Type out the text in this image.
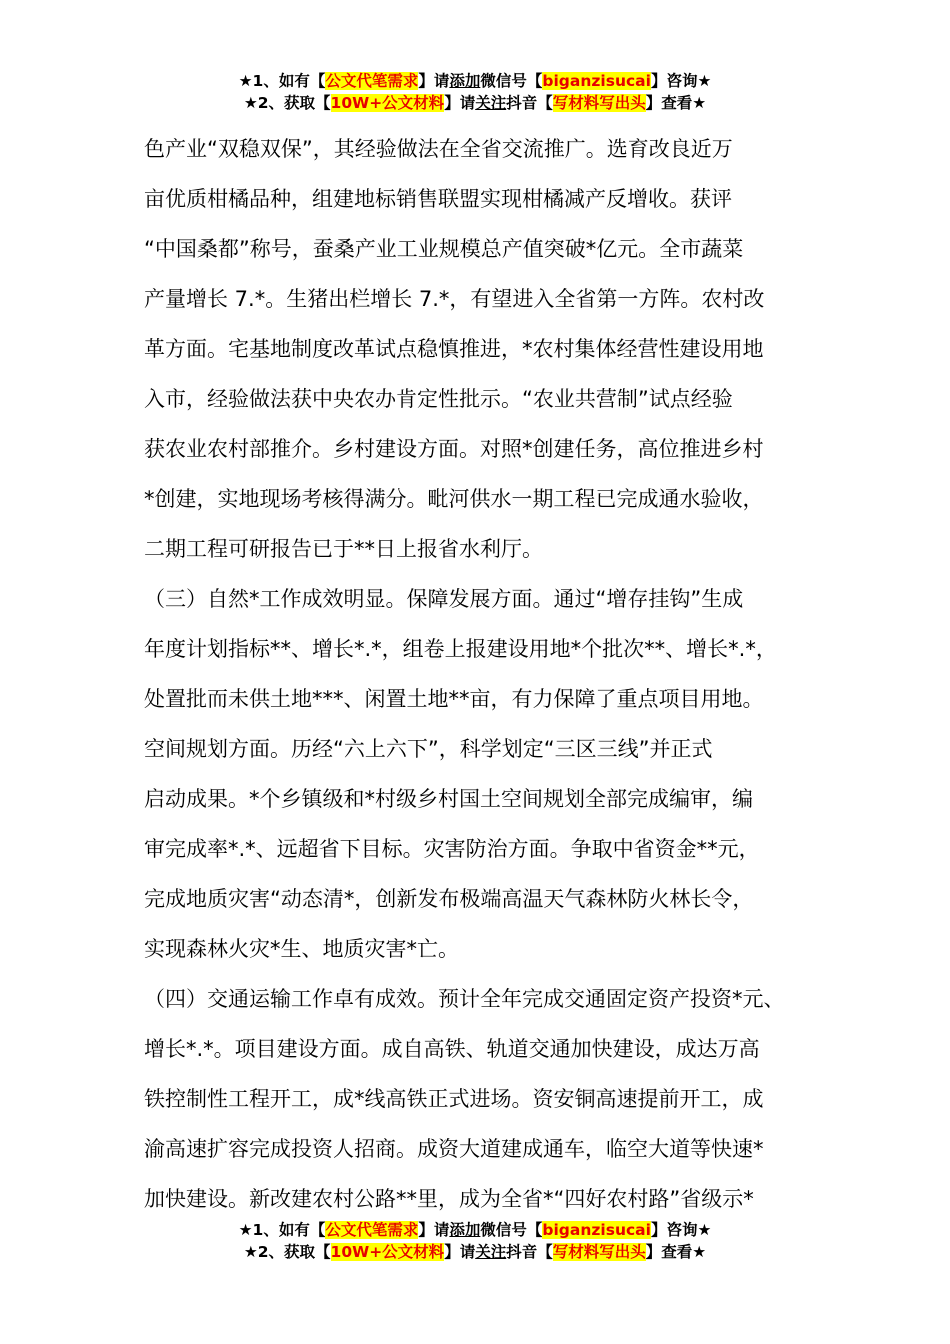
★1、如有【公文代笔需求】请添加微信号【biganzisucai】咨询★
★2、获取【10W+公文材料】请关注抖音【写材料写出头】查看★
色产业“双稳双保”，其经验做法在全省交流推广。选育改良近万
亩优质柑橘品种，组建地标销售联盟实现柑橘减产反增收。获评
“中国桑都”称号，蚕桑产业工业规模总产值突破*亿元。全市蔬菜
产量增长 7.*。生猪出栏增长 7.*，有望进入全省第一方阵。农村改
革方面。宅基地制度改革试点稳慎推进，*农村集体经营性建设用地
入市，经验做法获中央农办肯定性批示。“农业共营制”试点经验
获农业农村部推介。乡村建设方面。对照*创建任务，高位推进乡村
*创建，实地现场考核得满分。毗河供水一期工程已完成通水验收，
二期工程可研报告已于**日上报省水利厅。
（三）自然*工作成效明显。保障发展方面。通过“增存挂钩”生成
年度计划指标**、增长*.*，组卷上报建设用地*个批次**、增长*.*，
处置批而未供土地***、闲置土地**亩，有力保障了重点项目用地。
空间规划方面。历经“六上六下”，科学划定“三区三线”并正式
启动成果。*个乡镇级和*村级乡村国土空间规划全部完成编审，编
审完成率*.*、远超省下目标。灾害防治方面。争取中省资金**元，
完成地质灾害“动态清*，创新发布极端高温天气森林防火林长令，
实现森林火灾*生、地质灾害*亡。
（四）交通运输工作卓有成效。预计全年完成交通固定资产投资*元、
增长*.*。项目建设方面。成自高铁、轨道交通加快建设，成达万高
铁控制性工程开工，成*线高铁正式进场。资安铜高速提前开工，成
渝高速扩容完成投资人招商。成资大道建成通车，临空大道等快速*
加快建设。新改建农村公路**里，成为全省*“四好农村路”省级示*
★1、如有【公文代笔需求】请添加微信号【biganzisucai】咨询★
★2、获取【10W+公文材料】请关注抖音【写材料写出头】查看★
